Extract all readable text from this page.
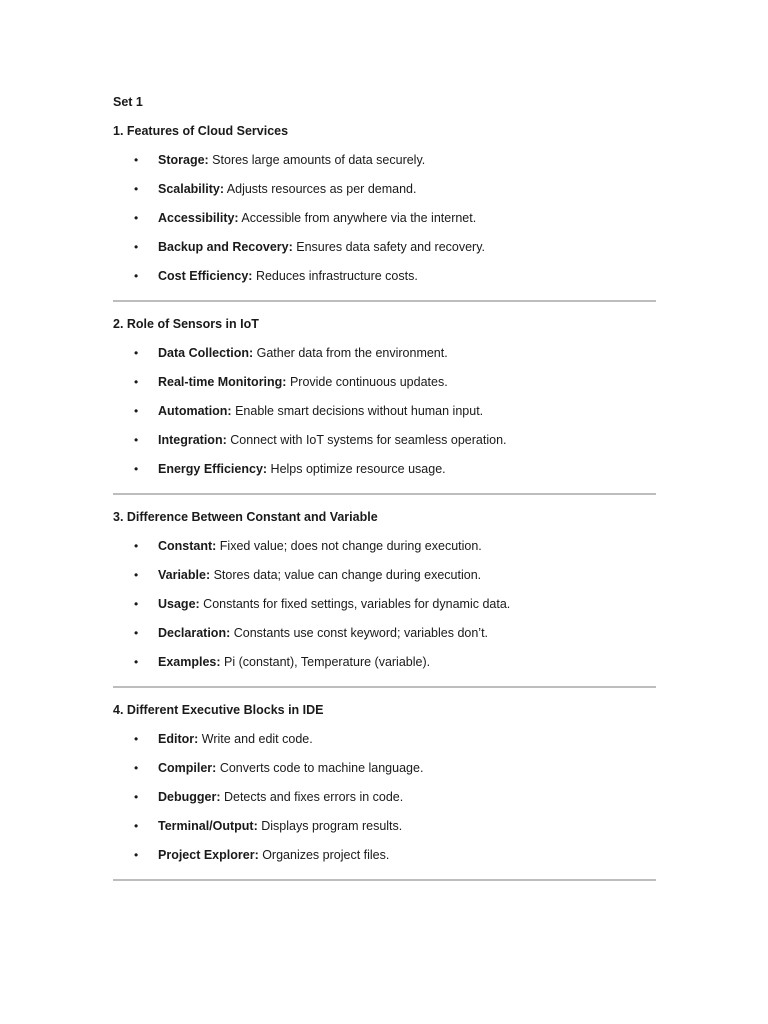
Set 1
1. Features of Cloud Services
• Storage: Stores large amounts of data securely.
• Scalability: Adjusts resources as per demand.
• Accessibility: Accessible from anywhere via the internet.
• Backup and Recovery: Ensures data safety and recovery.
• Cost Efficiency: Reduces infrastructure costs.
2. Role of Sensors in IoT
• Data Collection: Gather data from the environment.
• Real-time Monitoring: Provide continuous updates.
• Automation: Enable smart decisions without human input.
• Integration: Connect with IoT systems for seamless operation.
• Energy Efficiency: Helps optimize resource usage.
3. Difference Between Constant and Variable
• Constant: Fixed value; does not change during execution.
• Variable: Stores data; value can change during execution.
• Usage: Constants for fixed settings, variables for dynamic data.
• Declaration: Constants use const keyword; variables don’t.
• Examples: Pi (constant), Temperature (variable).
4. Different Executive Blocks in IDE
• Editor: Write and edit code.
• Compiler: Converts code to machine language.
• Debugger: Detects and fixes errors in code.
• Terminal/Output: Displays program results.
• Project Explorer: Organizes project files.
